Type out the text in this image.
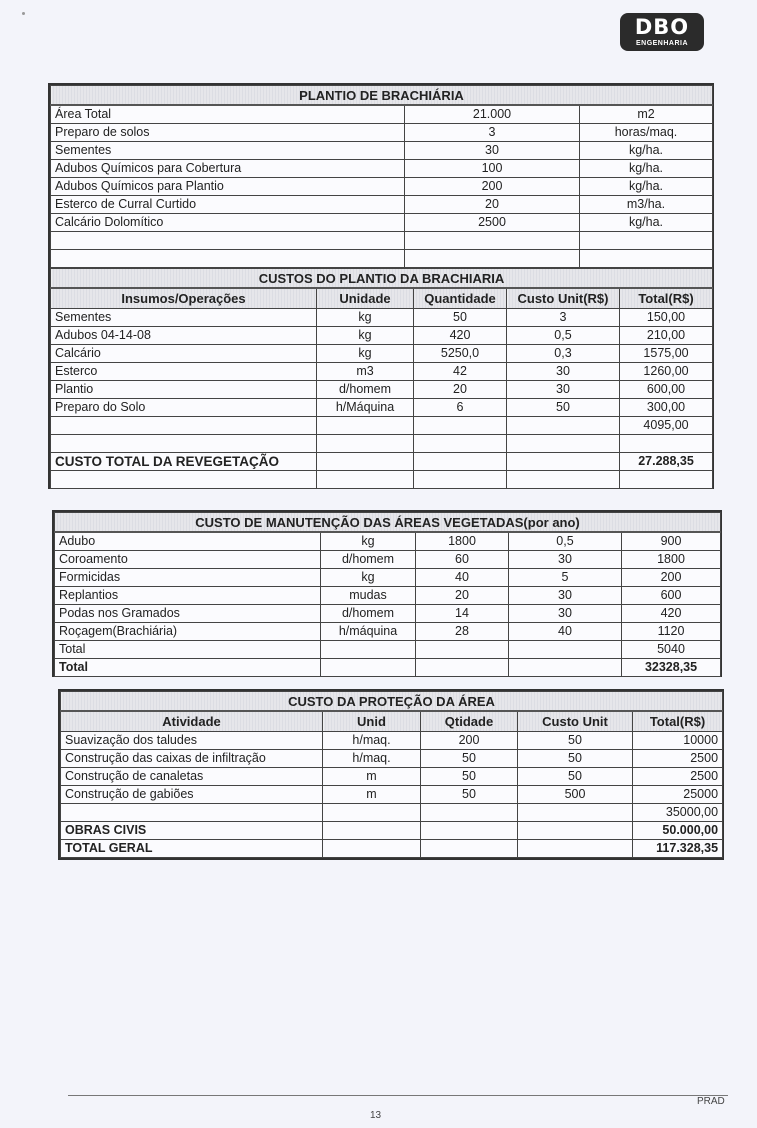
DBO
ENGENHARIA
PLANTIO DE BRACHIÁRIA		
Área Total	21.000	m2
Preparo de solos	3	horas/maq.
Sementes	30	kg/ha.
Adubos Químicos para Cobertura	100	kg/ha.
Adubos Químicos para Plantio	200	kg/ha.
Esterco de Curral Curtido	20	m3/ha.
Calcário Dolomítico	2500	kg/ha.

CUSTOS DO PLANTIO DA BRACHIARIA				
Insumos/Operações	Unidade	Quantidade	Custo Unit(R$)	Total(R$)
Sementes	kg	50	3	150,00
Adubos 04-14-08	kg	420	0,5	210,00
Calcário	kg	5250,0	0,3	1575,00
Esterco	m3	42	30	1260,00
Plantio	d/homem	20	30	600,00
Preparo do Solo	h/Máquina	6	50	300,00
				4095,00

CUSTO TOTAL DA REVEGETAÇÃO				27.288,35

CUSTO DE MANUTENÇÃO DAS ÁREAS VEGETADAS(por ano)				
Adubo	kg	1800	0,5	900
Coroamento	d/homem	60	30	1800
Formicidas	kg	40	5	200
Replantios	mudas	20	30	600
Podas nos Gramados	d/homem	14	30	420
Roçagem(Brachiária)	h/máquina	28	40	1120
Total				5040
Total				32328,35
CUSTO DA PROTEÇÃO DA ÁREA				
Atividade	Unid	Qtidade	Custo Unit	Total(R$)
Suavização dos taludes	h/maq.	200	50	10000
Construção das caixas de infiltração	h/maq.	50	50	2500
Construção de canaletas	m	50	50	2500
Construção de gabiões	m	50	500	25000
				35000,00
OBRAS CIVIS				50.000,00
TOTAL GERAL				117.328,35
PRAD
13
